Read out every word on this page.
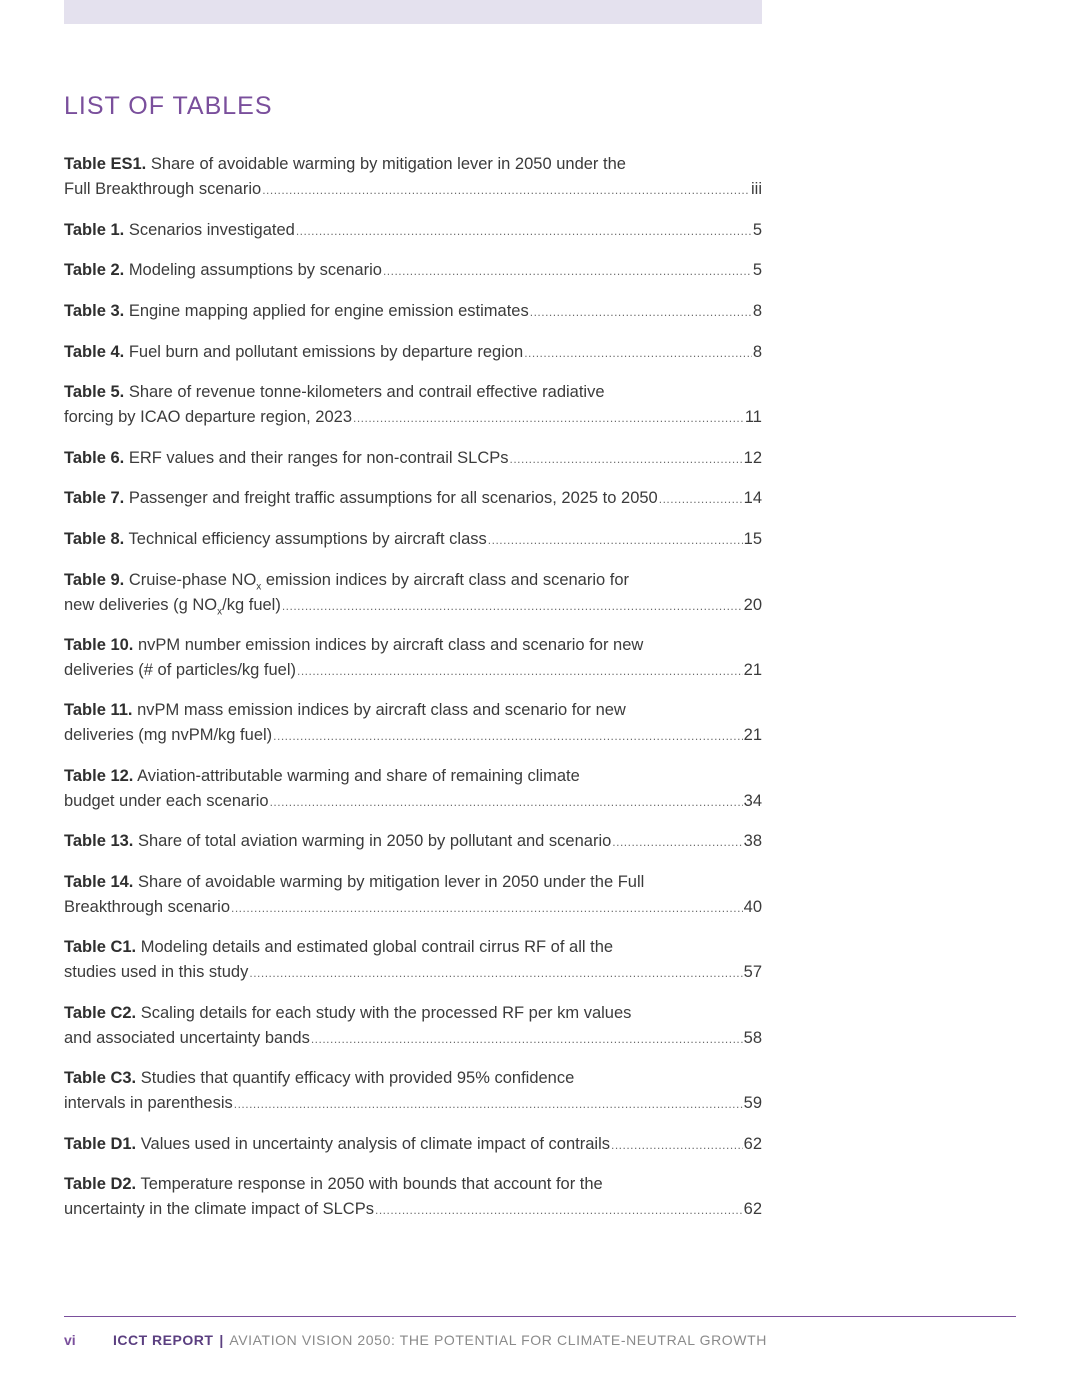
LIST OF TABLES
Table ES1. Share of avoidable warming by mitigation lever in 2050 under the
Full Breakthrough scenario .....	iii
Table 1. Scenarios investigated .....	5
Table 2. Modeling assumptions by scenario .....	5
Table 3. Engine mapping applied for engine emission estimates .....	8
Table 4. Fuel burn and pollutant emissions by departure region .....	8
Table 5. Share of revenue tonne-kilometers and contrail effective radiative
forcing by ICAO departure region, 2023 .....	11
Table 6. ERF values and their ranges for non-contrail SLCPs .....	12
Table 7. Passenger and freight traffic assumptions for all scenarios, 2025 to 2050 .....	14
Table 8. Technical efficiency assumptions by aircraft class .....	15
Table 9. Cruise-phase $NO_x$ emission indices by aircraft class and scenario for
new deliveries (g $NO_x/kg$ fuel) .....	20
Table 10. nvPM number emission indices by aircraft class and scenario for new
deliveries (# of particles/kg fuel) .....	21
Table 11. nvPM mass emission indices by aircraft class and scenario for new
deliveries (mg nvPM/kg fuel) .....	21
Table 12. Aviation-attributable warming and share of remaining climate
budget under each scenario .....	34
Table 13. Share of total aviation warming in 2050 by pollutant and scenario .....	38
Table 14. Share of avoidable warming by mitigation lever in 2050 under the Full
Breakthrough scenario .....	40
Table C1. Modeling details and estimated global contrail cirrus RF of all the
studies used in this study .....	57
Table C2. Scaling details for each study with the processed RF per km values
and associated uncertainty bands .....	58
Table C3. Studies that quantify efficacy with provided 95% confidence
intervals in parenthesis .....	59
Table D1. Values used in uncertainty analysis of climate impact of contrails .....	62
Table D2. Temperature response in 2050 with bounds that account for the
uncertainty in the climate impact of SLCPs .....	62
vi	ICCT REPORT | AVIATION VISION 2050: THE POTENTIAL FOR CLIMATE-NEUTRAL GROWTH
